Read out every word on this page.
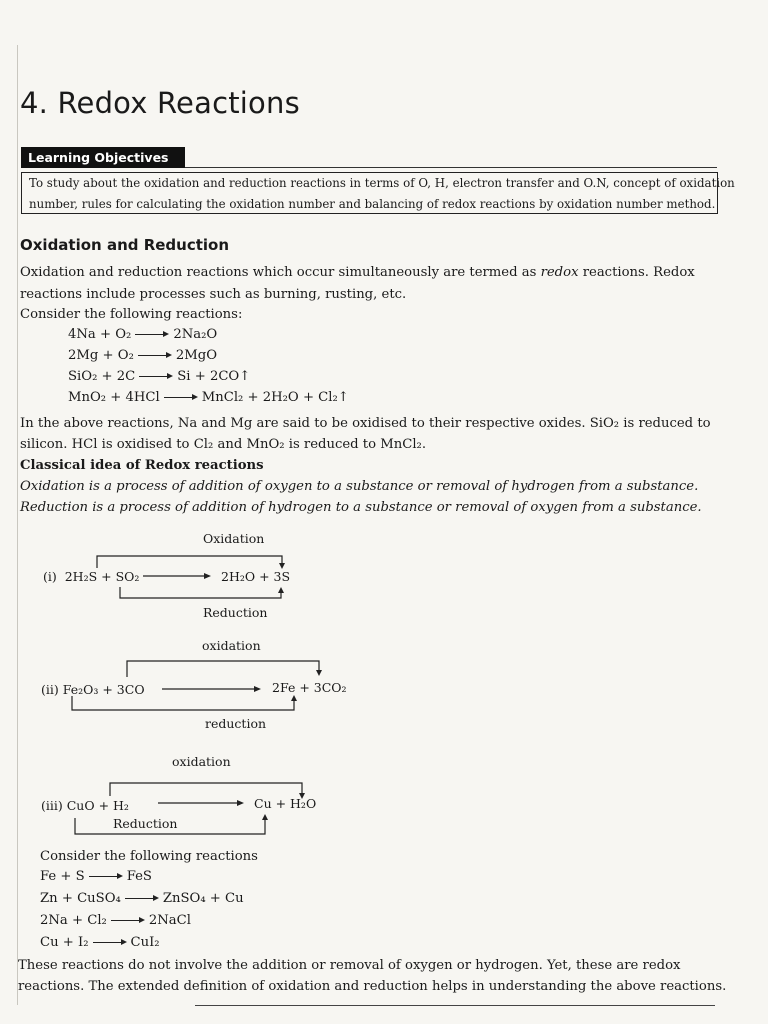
4. Redox Reactions
Learning Objectives
To study about the oxidation and reduction reactions in terms of O, H, electron transfer and O.N, concept of oxidation
number, rules for calculating the oxidation number and balancing of redox reactions by oxidation number method.
Oxidation and Reduction
Oxidation and reduction reactions which occur simultaneously are termed as redox reactions. Redox
reactions include processes such as burning, rusting, etc.
Consider the following reactions:
4Na + O₂	2Na₂O
2Mg + O₂	2MgO
SiO₂ + 2C	Si + 2CO↑
MnO₂ + 4HCl	MnCl₂ + 2H₂O + Cl₂↑
In the above reactions, Na and Mg are said to be oxidised to their respective oxides. SiO₂ is reduced to
silicon. HCl is oxidised to Cl₂ and MnO₂ is reduced to MnCl₂.
Classical idea of Redox reactions
Oxidation is a process of addition of oxygen to a substance or removal of hydrogen from a substance.
Reduction is a process of addition of hydrogen to a substance or removal of oxygen from a substance.
Oxidation
(i) 2H₂S + SO₂	2H₂O + 3S
Reduction
oxidation
(ii) Fe₂O₃ + 3CO	2Fe + 3CO₂
reduction
oxidation
(iii) CuO + H₂	Cu + H₂O
Reduction
Consider the following reactions
Fe + S	FeS
Zn + CuSO₄	ZnSO₄ + Cu
2Na + Cl₂	2NaCl
Cu + I₂	CuI₂
These reactions do not involve the addition or removal of oxygen or hydrogen. Yet, these are redox
reactions. The extended definition of oxidation and reduction helps in understanding the above reactions.
